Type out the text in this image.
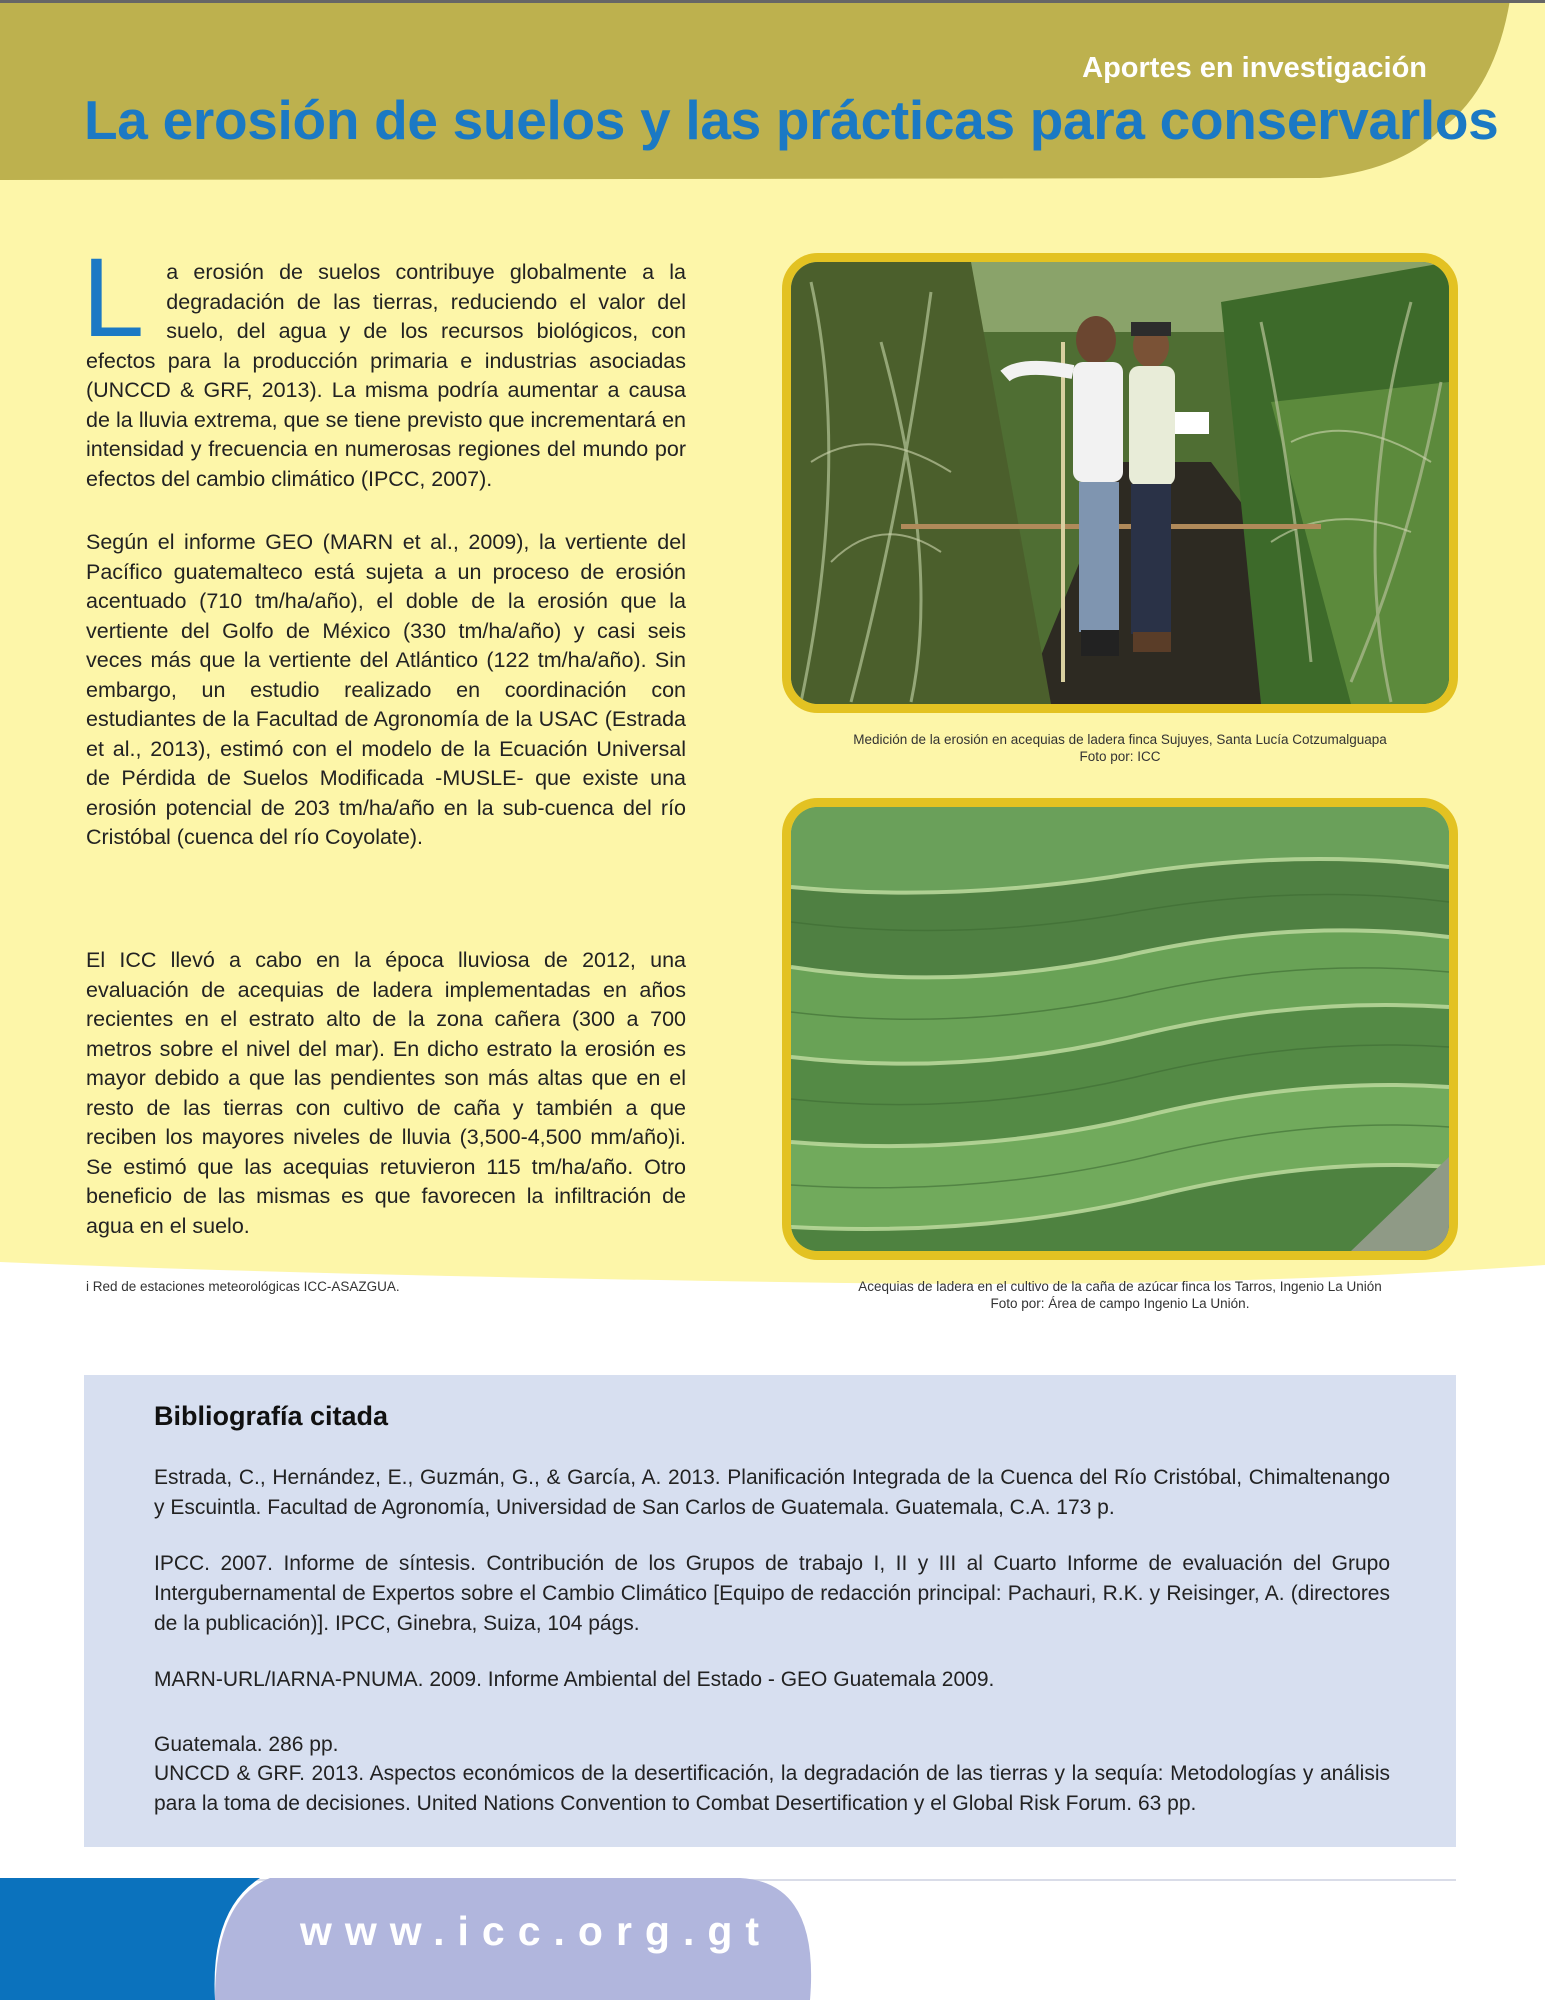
Aportes en investigación

La erosión de suelos y las prácticas para conservarlos

L a erosión de suelos contribuye globalmente a la degradación de las tierras, reduciendo el valor del suelo, del agua y de los recursos biológicos, con efectos para la producción primaria e industrias asociadas (UNCCD & GRF, 2013). La misma podría aumentar a causa de la lluvia extrema, que se tiene previsto que incrementará en intensidad y frecuencia en numerosas regiones del mundo por efectos del cambio climático (IPCC, 2007).

Según el informe GEO (MARN et al., 2009), la vertiente del Pacífico guatemalteco está sujeta a un proceso de erosión acentuado (710 tm/ha/año), el doble de la erosión que la vertiente del Golfo de México (330 tm/ha/año) y casi seis veces más que la vertiente del Atlántico (122 tm/ha/año). Sin embargo, un estudio realizado en coordinación con estudiantes de la Facultad de Agronomía de la USAC (Estrada et al., 2013), estimó con el modelo de la Ecuación Universal de Pérdida de Suelos Modificada -MUSLE- que existe una erosión potencial de 203 tm/ha/año en la sub-cuenca del río Cristóbal (cuenca del río Coyolate).

El ICC llevó a cabo en la época lluviosa de 2012, una evaluación de acequias de ladera implementadas en años recientes en el estrato alto de la zona cañera (300 a 700 metros sobre el nivel del mar). En dicho estrato la erosión es mayor debido a que las pendientes son más altas que en el resto de las tierras con cultivo de caña y también a que reciben los mayores niveles de lluvia (3,500-4,500 mm/año)i. Se estimó que las acequias retuvieron 115 tm/ha/año. Otro beneficio de las mismas es que favorecen la infiltración de agua en el suelo.

i Red de estaciones meteorológicas ICC-ASAZGUA.

Medición de la erosión en acequias de ladera finca Sujuyes, Santa Lucía Cotzumalguapa
Foto por: ICC

Acequias de ladera en el cultivo de la caña de azúcar finca los Tarros, Ingenio La Unión
Foto por: Área de campo Ingenio La Unión.

Bibliografía citada

Estrada, C., Hernández, E., Guzmán, G., & García, A. 2013. Planificación Integrada de la Cuenca del Río Cristóbal, Chimaltenango y Escuintla. Facultad de Agronomía, Universidad de San Carlos de Guatemala. Guatemala, C.A. 173 p.

IPCC. 2007. Informe de síntesis. Contribución de los Grupos de trabajo I, II y III al Cuarto Informe de evaluación del Grupo Intergubernamental de Expertos sobre el Cambio Climático [Equipo de redacción principal: Pachauri, R.K. y Reisinger, A. (directores de la publicación)]. IPCC, Ginebra, Suiza, 104 págs.

MARN-URL/IARNA-PNUMA. 2009. Informe Ambiental del Estado - GEO Guatemala 2009.

Guatemala. 286 pp.

UNCCD & GRF. 2013. Aspectos económicos de la desertificación, la degradación de las tierras y la sequía: Metodologías y análisis para la toma de decisiones. United Nations Convention to Combat Desertification y el Global Risk Forum. 63 pp.

www.icc.org.gt
